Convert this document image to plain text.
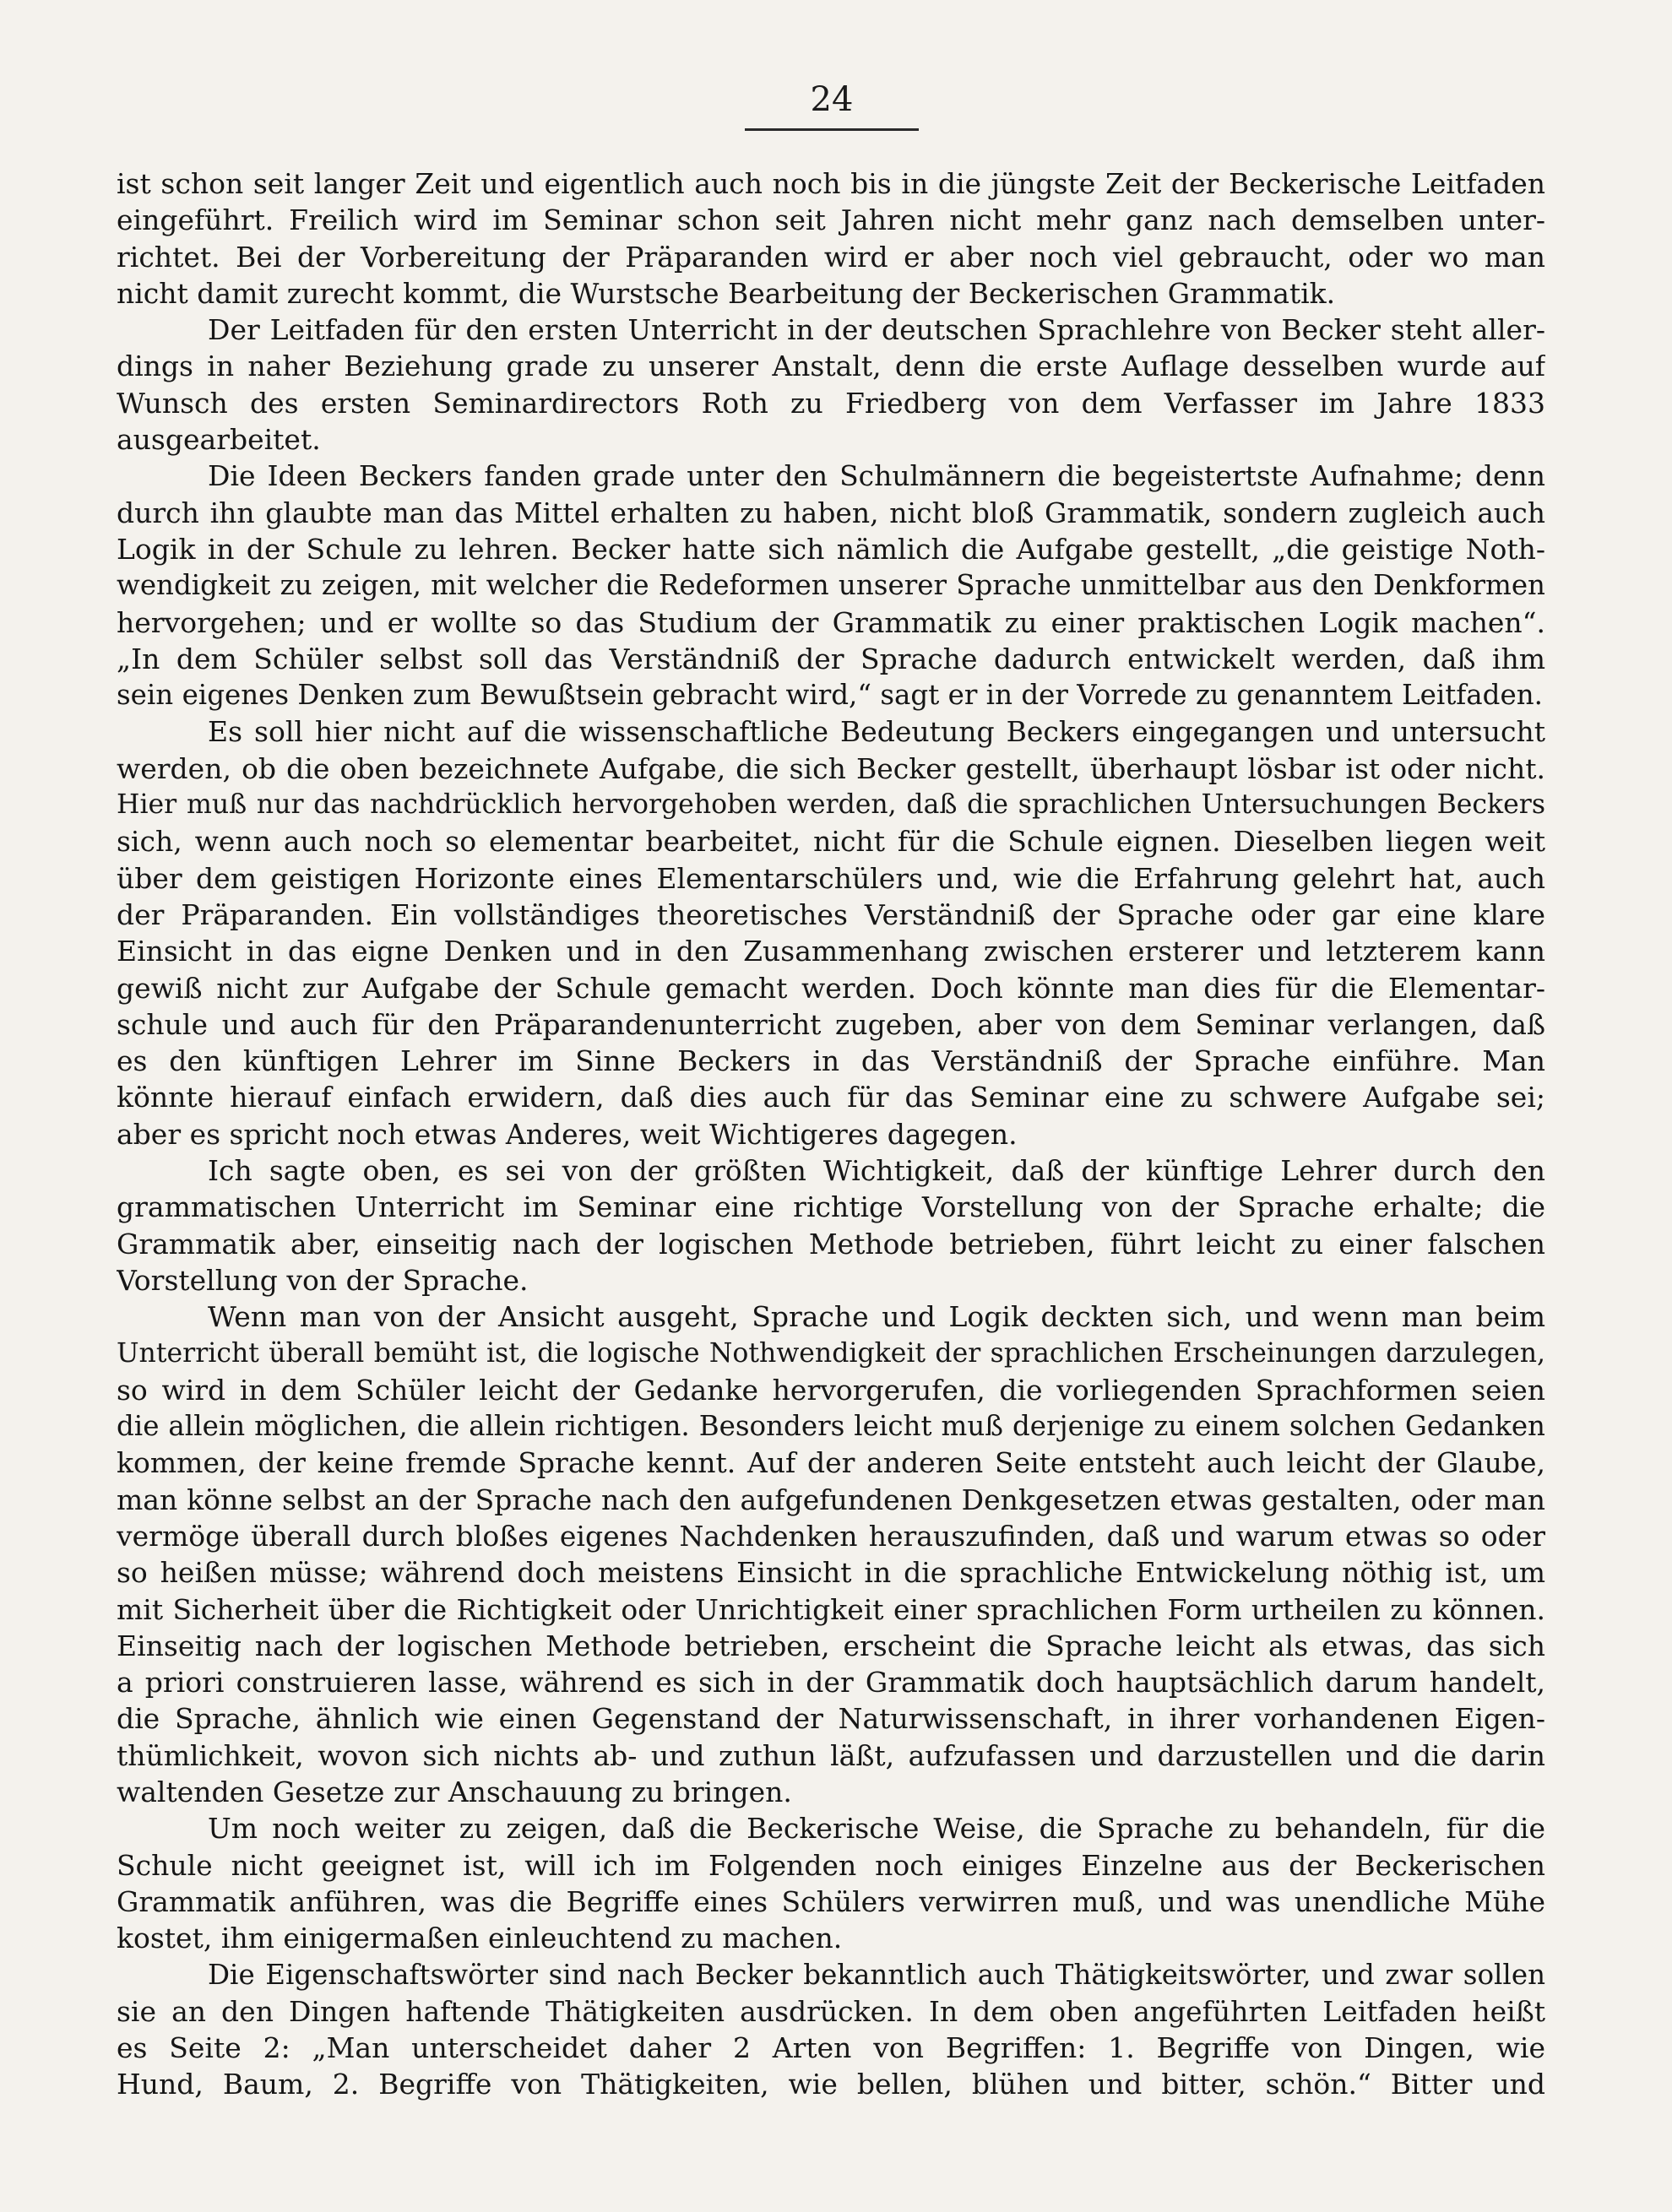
24
ist schon seit langer Zeit und eigentlich auch noch bis in die jüngste Zeit der Beckerische Leitfaden
eingeführt. Freilich wird im Seminar schon seit Jahren nicht mehr ganz nach demselben unter-
richtet. Bei der Vorbereitung der Präparanden wird er aber noch viel gebraucht, oder wo man
nicht damit zurecht kommt, die Wurstsche Bearbeitung der Beckerischen Grammatik.
Der Leitfaden für den ersten Unterricht in der deutschen Sprachlehre von Becker steht aller-
dings in naher Beziehung grade zu unserer Anstalt, denn die erste Auflage desselben wurde auf
Wunsch des ersten Seminardirectors Roth zu Friedberg von dem Verfasser im Jahre 1833
ausgearbeitet.
Die Ideen Beckers fanden grade unter den Schulmännern die begeistertste Aufnahme; denn
durch ihn glaubte man das Mittel erhalten zu haben, nicht bloß Grammatik, sondern zugleich auch
Logik in der Schule zu lehren. Becker hatte sich nämlich die Aufgabe gestellt, „die geistige Noth-
wendigkeit zu zeigen, mit welcher die Redeformen unserer Sprache unmittelbar aus den Denkformen
hervorgehen; und er wollte so das Studium der Grammatik zu einer praktischen Logik machen“.
„In dem Schüler selbst soll das Verständniß der Sprache dadurch entwickelt werden, daß ihm
sein eigenes Denken zum Bewußtsein gebracht wird,“ sagt er in der Vorrede zu genanntem Leitfaden.
Es soll hier nicht auf die wissenschaftliche Bedeutung Beckers eingegangen und untersucht
werden, ob die oben bezeichnete Aufgabe, die sich Becker gestellt, überhaupt lösbar ist oder nicht.
Hier muß nur das nachdrücklich hervorgehoben werden, daß die sprachlichen Untersuchungen Beckers
sich, wenn auch noch so elementar bearbeitet, nicht für die Schule eignen. Dieselben liegen weit
über dem geistigen Horizonte eines Elementarschülers und, wie die Erfahrung gelehrt hat, auch
der Präparanden. Ein vollständiges theoretisches Verständniß der Sprache oder gar eine klare
Einsicht in das eigne Denken und in den Zusammenhang zwischen ersterer und letzterem kann
gewiß nicht zur Aufgabe der Schule gemacht werden. Doch könnte man dies für die Elementar-
schule und auch für den Präparandenunterricht zugeben, aber von dem Seminar verlangen, daß
es den künftigen Lehrer im Sinne Beckers in das Verständniß der Sprache einführe. Man
könnte hierauf einfach erwidern, daß dies auch für das Seminar eine zu schwere Aufgabe sei;
aber es spricht noch etwas Anderes, weit Wichtigeres dagegen.
Ich sagte oben, es sei von der größten Wichtigkeit, daß der künftige Lehrer durch den
grammatischen Unterricht im Seminar eine richtige Vorstellung von der Sprache erhalte; die
Grammatik aber, einseitig nach der logischen Methode betrieben, führt leicht zu einer falschen
Vorstellung von der Sprache.
Wenn man von der Ansicht ausgeht, Sprache und Logik deckten sich, und wenn man beim
Unterricht überall bemüht ist, die logische Nothwendigkeit der sprachlichen Erscheinungen darzulegen,
so wird in dem Schüler leicht der Gedanke hervorgerufen, die vorliegenden Sprachformen seien
die allein möglichen, die allein richtigen. Besonders leicht muß derjenige zu einem solchen Gedanken
kommen, der keine fremde Sprache kennt. Auf der anderen Seite entsteht auch leicht der Glaube,
man könne selbst an der Sprache nach den aufgefundenen Denkgesetzen etwas gestalten, oder man
vermöge überall durch bloßes eigenes Nachdenken herauszufinden, daß und warum etwas so oder
so heißen müsse; während doch meistens Einsicht in die sprachliche Entwickelung nöthig ist, um
mit Sicherheit über die Richtigkeit oder Unrichtigkeit einer sprachlichen Form urtheilen zu können.
Einseitig nach der logischen Methode betrieben, erscheint die Sprache leicht als etwas, das sich
a priori construieren lasse, während es sich in der Grammatik doch hauptsächlich darum handelt,
die Sprache, ähnlich wie einen Gegenstand der Naturwissenschaft, in ihrer vorhandenen Eigen-
thümlichkeit, wovon sich nichts ab- und zuthun läßt, aufzufassen und darzustellen und die darin
waltenden Gesetze zur Anschauung zu bringen.
Um noch weiter zu zeigen, daß die Beckerische Weise, die Sprache zu behandeln, für die
Schule nicht geeignet ist, will ich im Folgenden noch einiges Einzelne aus der Beckerischen
Grammatik anführen, was die Begriffe eines Schülers verwirren muß, und was unendliche Mühe
kostet, ihm einigermaßen einleuchtend zu machen.
Die Eigenschaftswörter sind nach Becker bekanntlich auch Thätigkeitswörter, und zwar sollen
sie an den Dingen haftende Thätigkeiten ausdrücken. In dem oben angeführten Leitfaden heißt
es Seite 2: „Man unterscheidet daher 2 Arten von Begriffen: 1. Begriffe von Dingen, wie
Hund, Baum, 2. Begriffe von Thätigkeiten, wie bellen, blühen und bitter, schön.“ Bitter und
